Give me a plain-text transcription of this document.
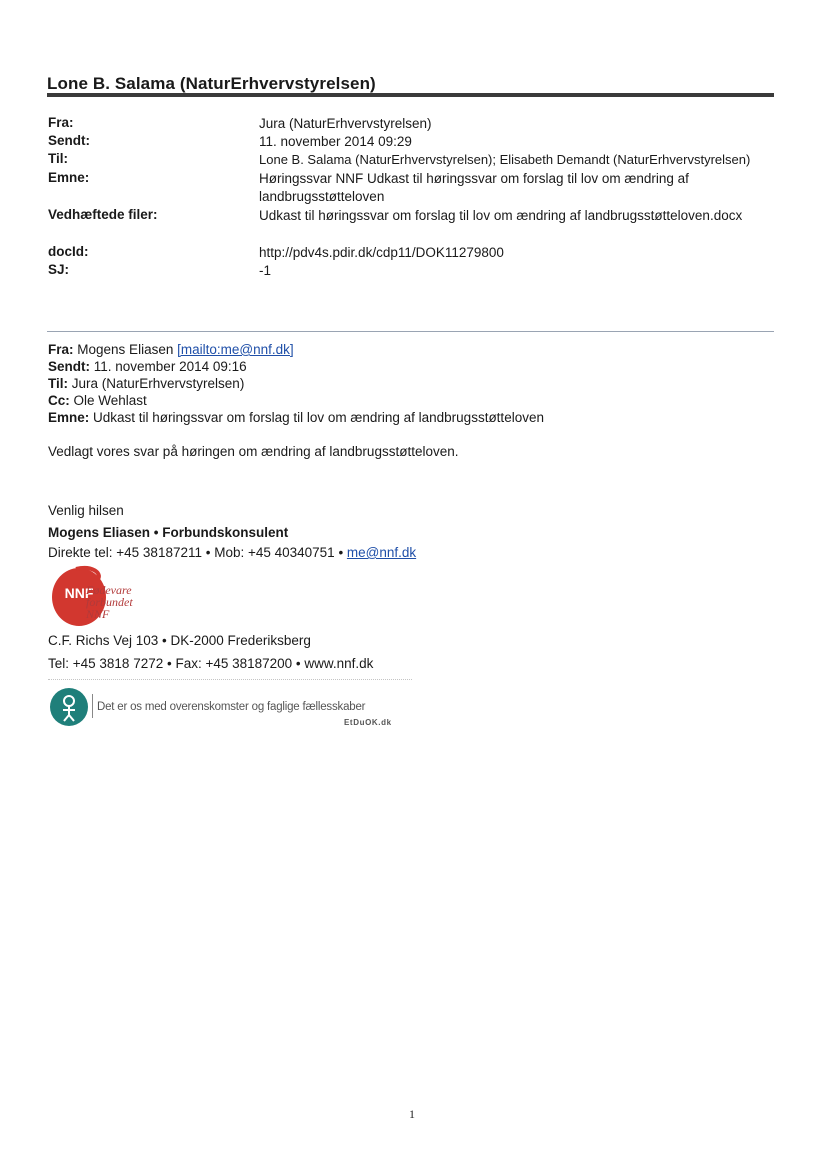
Lone B. Salama (NaturErhvervstyrelsen)
Fra:	Jura (NaturErhvervstyrelsen)
Sendt:	11. november 2014 09:29
Til:	Lone B. Salama (NaturErhvervstyrelsen); Elisabeth Demandt (NaturErhvervstyrelsen)
Emne:	Høringssvar NNF Udkast til høringssvar om forslag til lov om ændring af landbrugsstøtteloven
Vedhæftede filer:	Udkast til høringssvar om forslag til lov om ændring af landbrugsstøtteloven.docx
docId:	http://pdv4s.pdir.dk/cdp11/DOK11279800
SJ:	-1
Fra: Mogens Eliasen [mailto:me@nnf.dk]
Sendt: 11. november 2014 09:16
Til: Jura (NaturErhvervstyrelsen)
Cc: Ole Wehlast
Emne: Udkast til høringssvar om forslag til lov om ændring af landbrugsstøtteloven
Vedlagt vores svar på høringen om ændring af landbrugsstøtteloven.
Venlig hilsen
Mogens Eliasen • Forbundskonsulent
Direkte tel: +45 38187211 • Mob: +45 40340751 • me@nnf.dk
NNF
Fødevare
forbundet
NNF
C.F. Richs Vej 103 • DK-2000 Frederiksberg
Tel: +45 3818 7272 • Fax: +45 38187200 • www.nnf.dk
Det er os med overenskomster og faglige fællesskaber
EtDuOK.dk
1
